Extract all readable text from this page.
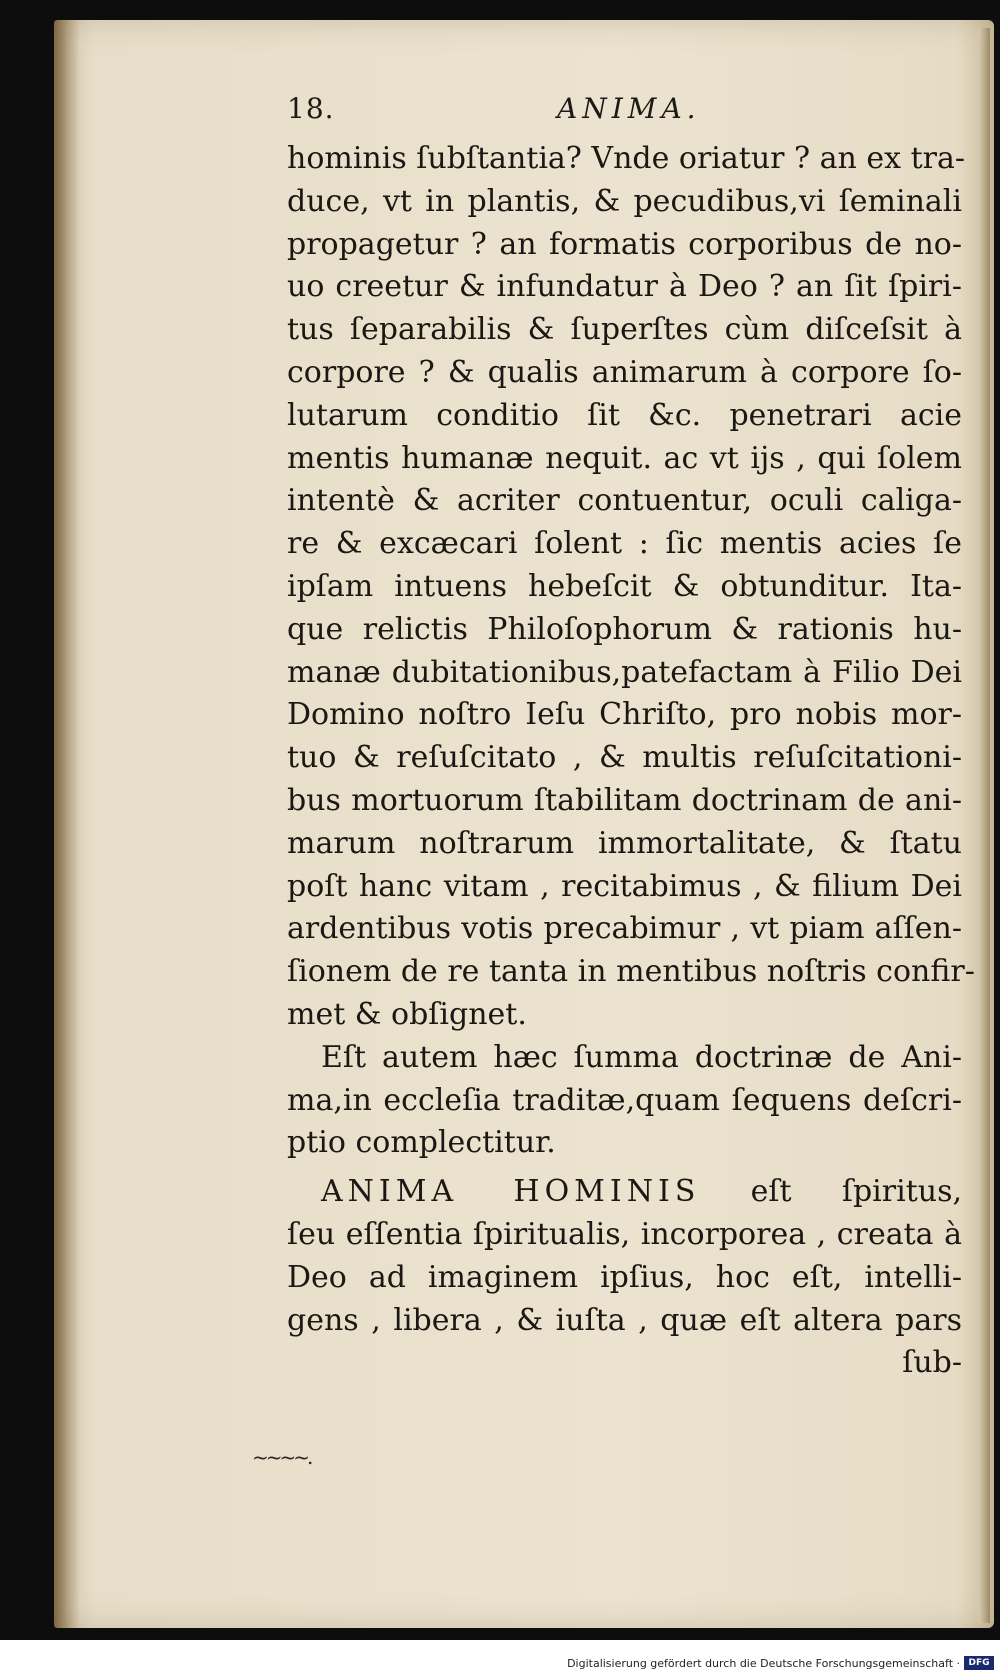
18.	ANIMA.
hominis ſubſtantia? Vnde oriatur ? an ex tra-
duce, vt in plantis, & pecudibus,vi ſeminali
propagetur ? an formatis corporibus de no-
uo creetur & infundatur à Deo ? an ſit ſpiri-
tus ſeparabilis & ſuperſtes cùm diſceſsit à
corpore ? & qualis animarum à corpore ſo-
lutarum conditio ſit &c. penetrari acie
mentis humanæ nequit. ac vt ijs , qui ſolem
intentè & acriter contuentur, oculi caliga-
re & excæcari ſolent : ſic mentis acies ſe
ipſam intuens hebeſcit & obtunditur. Ita-
que relictis Philoſophorum & rationis hu-
manæ dubitationibus,patefactam à Filio Dei
Domino noſtro Ieſu Chriſto, pro nobis mor-
tuo & reſuſcitato , & multis reſuſcitationi-
bus mortuorum ſtabilitam doctrinam de ani-
marum noſtrarum immortalitate, & ſtatu
poſt hanc vitam , recitabimus , & filium Dei
ardentibus votis precabimur , vt piam aſſen-
ſionem de re tanta in mentibus noſtris confir-
met & obſignet.
Eſt autem hæc ſumma doctrinæ de Ani-
ma,in eccleſia traditæ,quam ſequens deſcri-
ptio complectitur.
ANIMA HOMINIS eſt ſpiritus,
ſeu eſſentia ſpiritualis, incorporea , creata à
Deo ad imaginem ipſius, hoc eſt, intelli-
gens , libera , & iuſta , quæ eſt altera pars
ſub-
~~~~.
Digitalisierung gefördert durch die Deutsche Forschungsgemeinschaft · DFG
